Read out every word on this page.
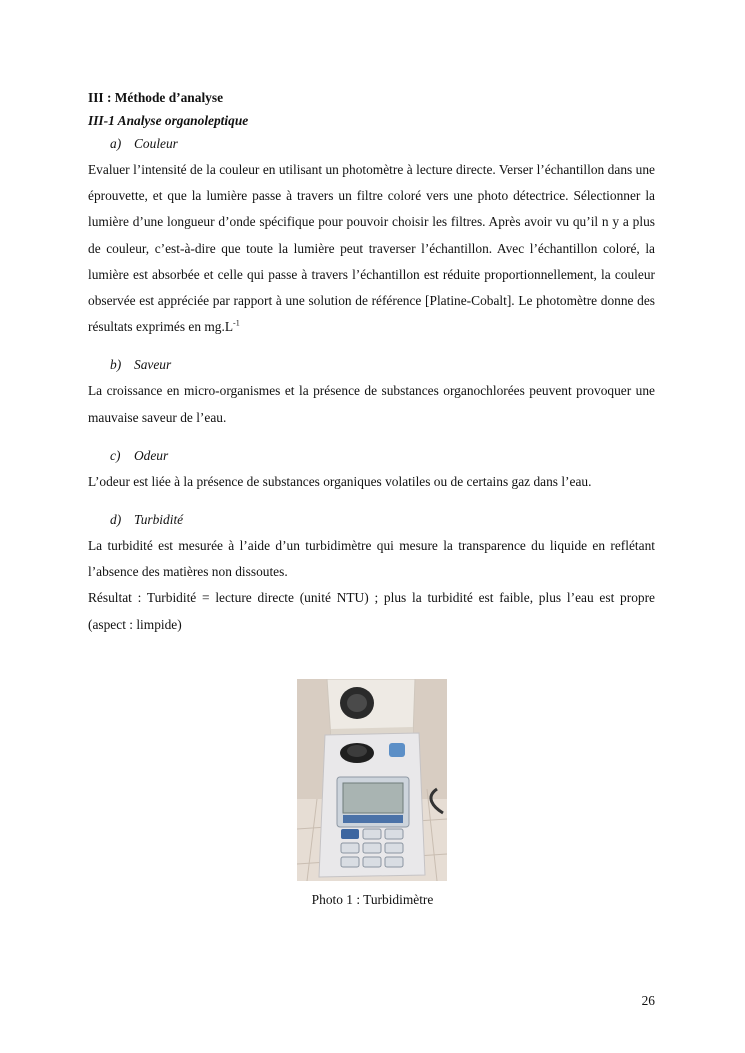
III : Méthode d’analyse

III-1 Analyse organoleptique

a) Couleur

Evaluer l’intensité de la couleur en utilisant un photomètre à lecture directe. Verser l’échantillon dans une éprouvette, et que la lumière passe à travers un filtre coloré vers une photo détectrice. Sélectionner la lumière d’une longueur d’onde spécifique pour pouvoir choisir les filtres. Après avoir vu qu’il n y a plus de couleur, c’est-à-dire que toute la lumière peut traverser l’échantillon. Avec l’échantillon coloré, la lumière est absorbée et celle qui passe à travers l’échantillon est réduite proportionnellement, la couleur observée est appréciée par rapport à une solution de référence [Platine-Cobalt]. Le photomètre donne des résultats exprimés en $mg.L^{-1}$

b) Saveur

La croissance en micro-organismes et la présence de substances organochlorées peuvent provoquer une mauvaise saveur de l’eau.

c) Odeur

L’odeur est liée à la présence de substances organiques volatiles ou de certains gaz dans l’eau.

d) Turbidité

La turbidité est mesurée à l’aide d’un turbidimètre qui mesure la transparence du liquide en reflétant l’absence des matières non dissoutes.

Résultat : Turbidité = lecture directe (unité NTU) ; plus la turbidité est faible, plus l’eau est propre (aspect : limpide)

Photo 1 : Turbidimètre
26
